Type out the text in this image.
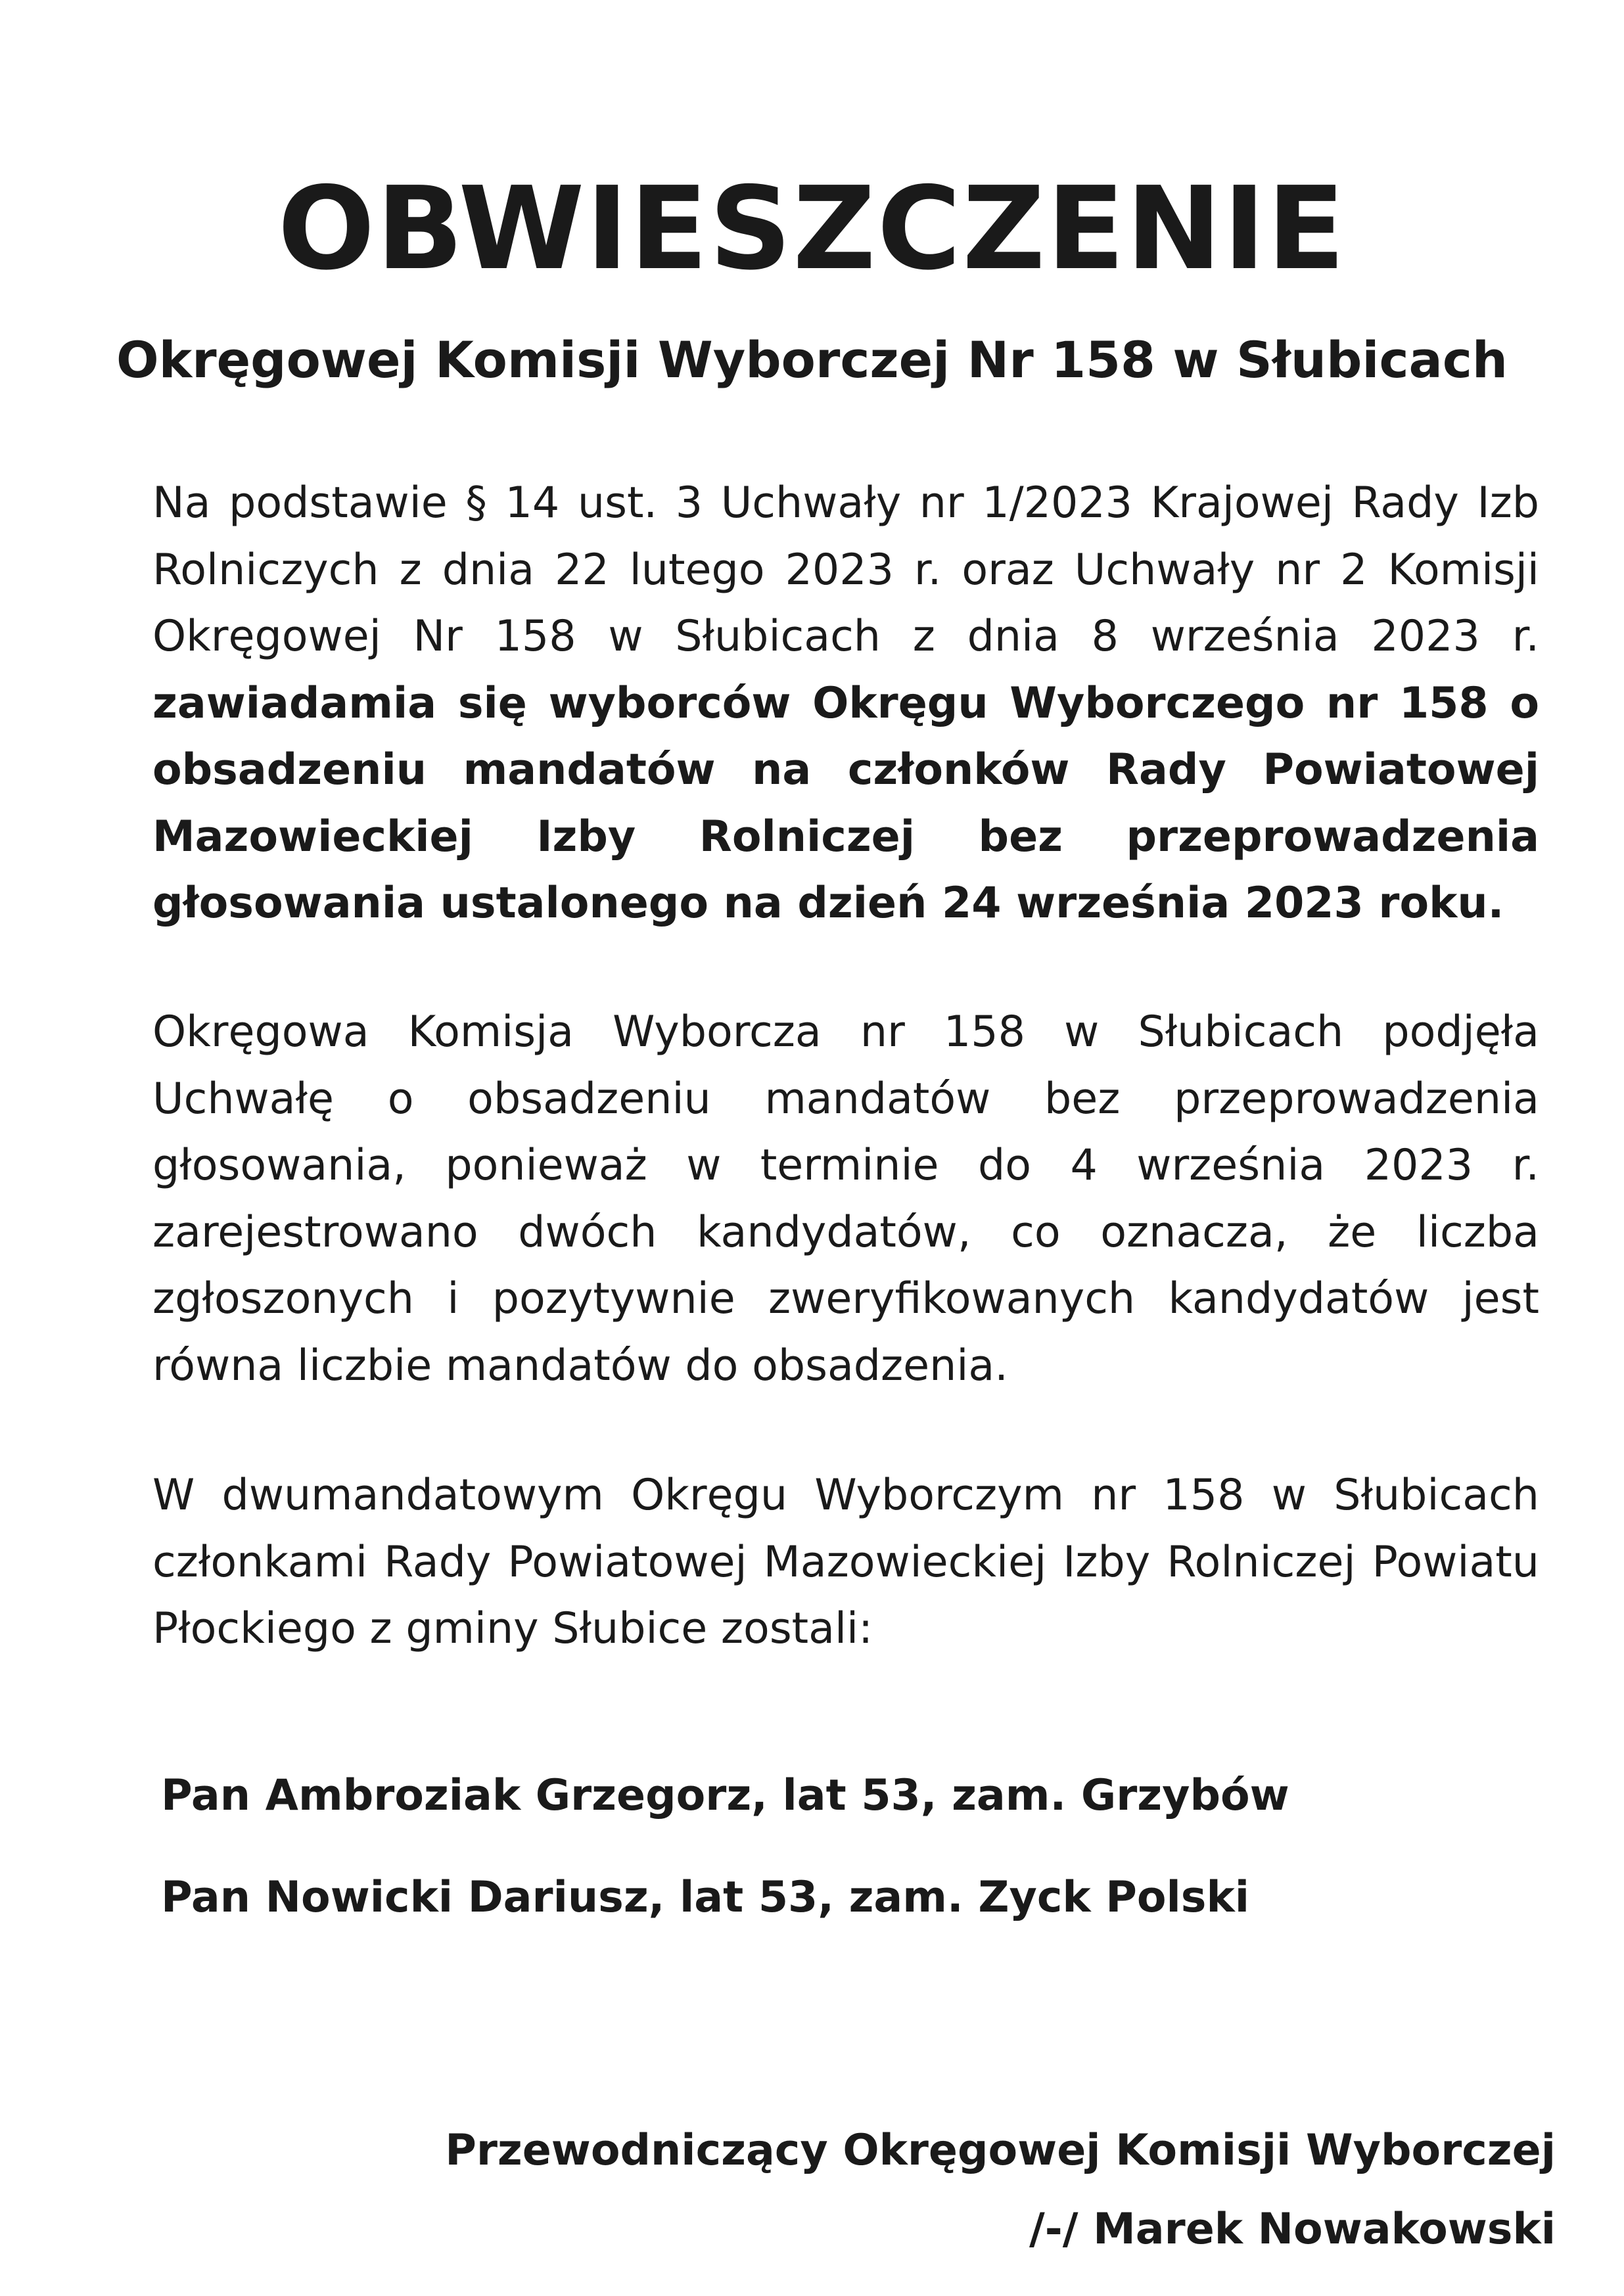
OBWIESZCZENIE
Okręgowej Komisji Wyborczej Nr 158 w Słubicach

Na podstawie § 14 ust. 3 Uchwały nr 1/2023 Krajowej Rady Izb Rolniczych z dnia 22 lutego 2023 r. oraz Uchwały nr 2 Komisji Okręgowej Nr 158 w Słubicach z dnia 8 września 2023 r. zawiadamia się wyborców Okręgu Wyborczego nr 158 o obsadzeniu mandatów na członków Rady Powiatowej Mazowieckiej Izby Rolniczej bez przeprowadzenia głosowania ustalonego na dzień 24 września 2023 roku.

Okręgowa Komisja Wyborcza nr 158 w Słubicach podjęła Uchwałę o obsadzeniu mandatów bez przeprowadzenia głosowania, ponieważ w terminie do 4 września 2023 r. zarejestrowano dwóch kandydatów, co oznacza, że liczba zgłoszonych i pozytywnie zweryfikowanych kandydatów jest równa liczbie mandatów do obsadzenia.

W dwumandatowym Okręgu Wyborczym nr 158 w Słubicach członkami Rady Powiatowej Mazowieckiej Izby Rolniczej Powiatu Płockiego z gminy Słubice zostali:

Pan Ambroziak Grzegorz, lat 53, zam. Grzybów

Pan Nowicki Dariusz, lat 53, zam. Zyck Polski

Przewodniczący Okręgowej Komisji Wyborczej

/-/ Marek Nowakowski
